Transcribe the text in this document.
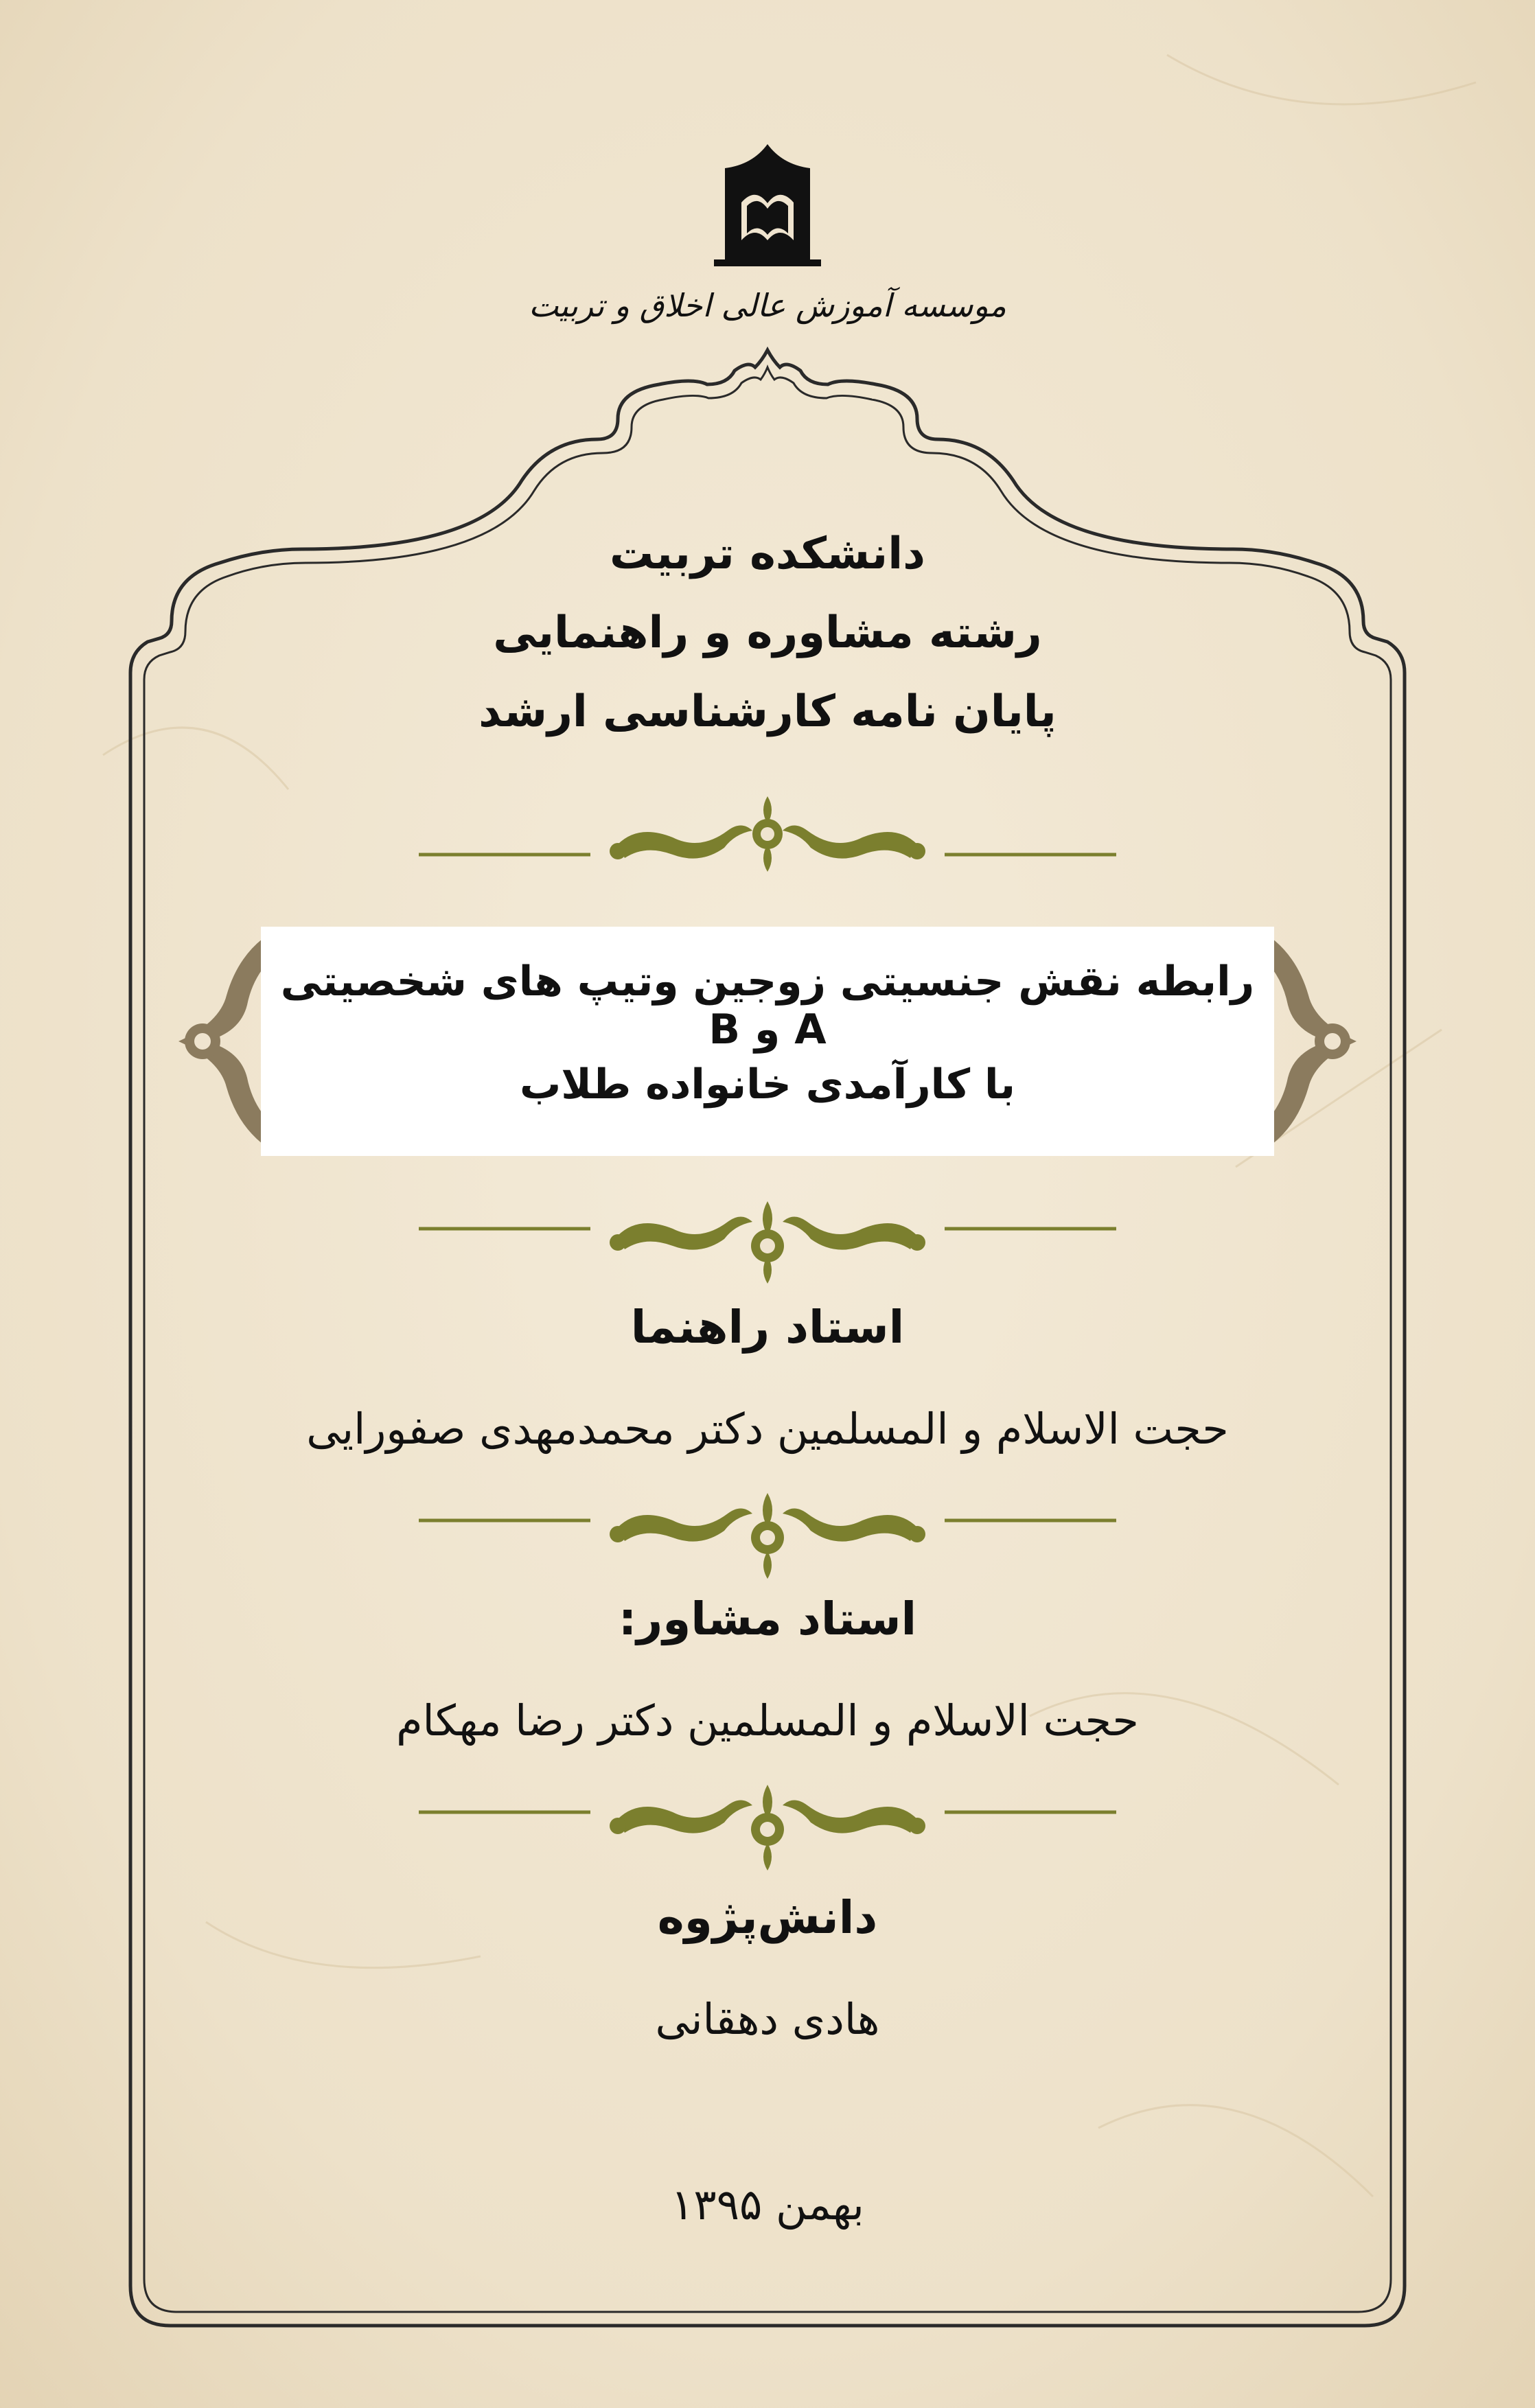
موسسه آموزش عالی اخلاق و تربیت
دانشکده تربیت
رشته مشاوره و راهنمایی
پایان نامه کارشناسی ارشد
رابطه نقش جنسیتی زوجین وتیپ های شخصیتی A و B
با کارآمدی خانواده طلاب
استاد راهنما
حجت الاسلام و المسلمین دکتر محمدمهدی صفورایی
استاد مشاور:
حجت الاسلام و المسلمین دکتر رضا مهکام
دانش‌پژوه
هادی دهقانی
بهمن ۱۳۹۵
